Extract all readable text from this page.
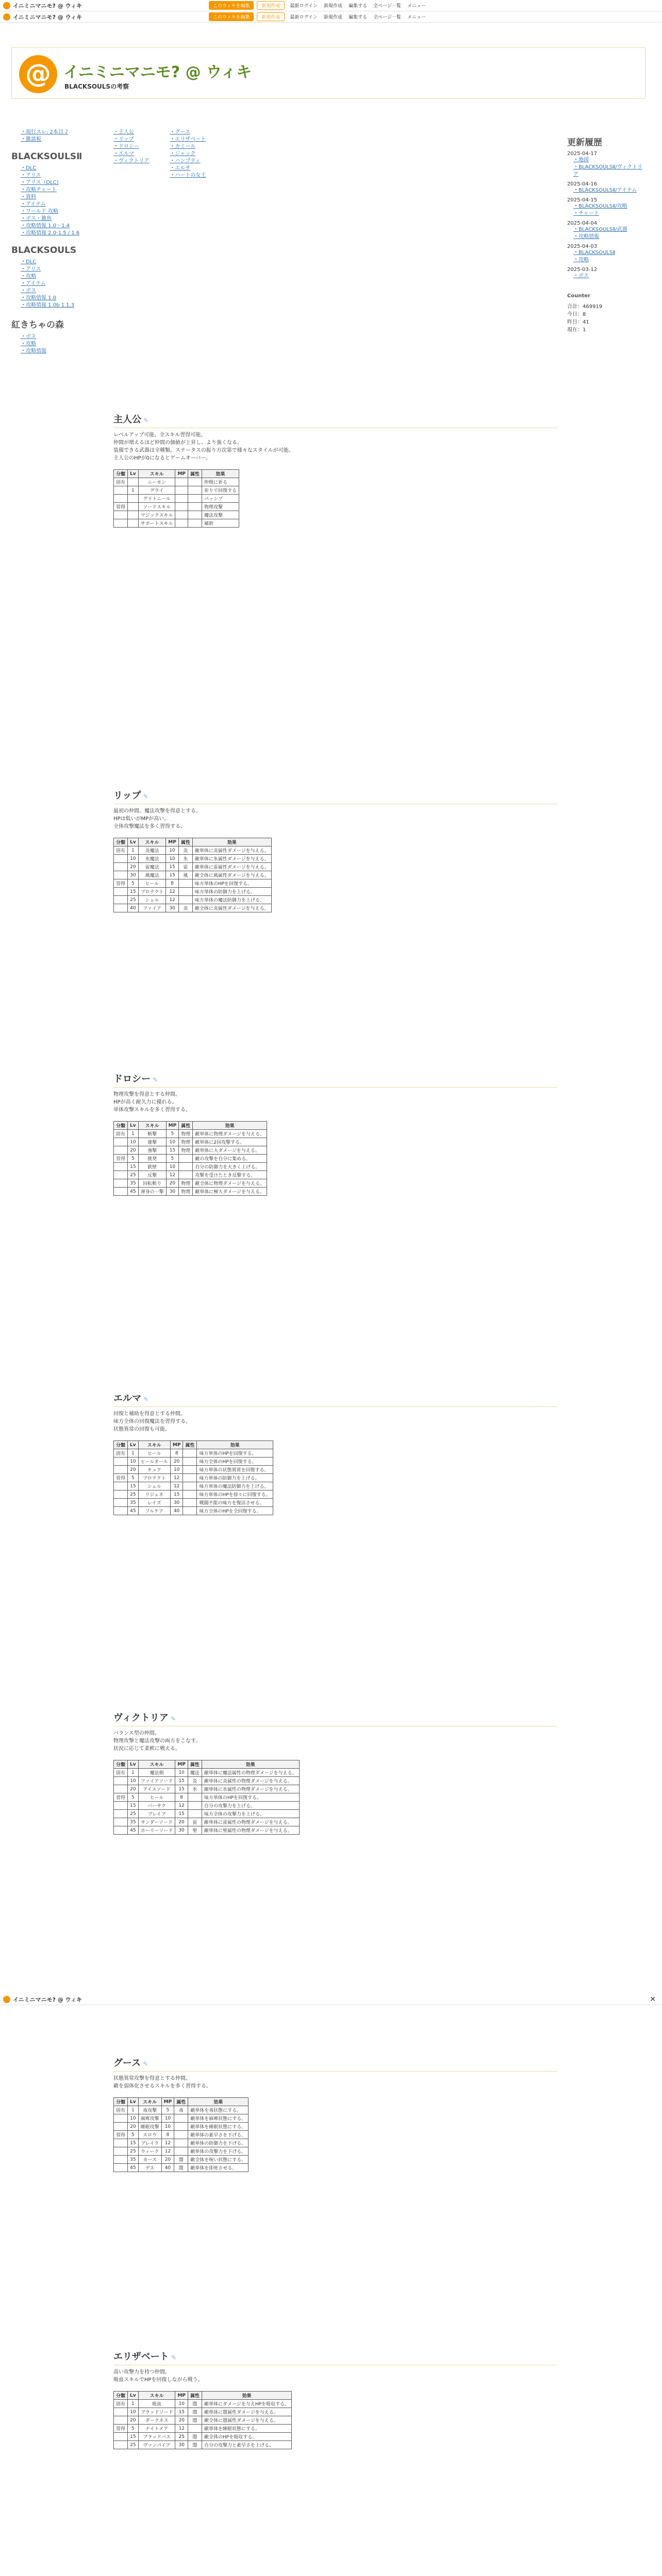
イニミニマニモ? @ ウィキ	このウィキを編集	新規作成	最新ログイン 新規作成 編集する 全ページ一覧 メニュー
イニミニマニモ? @ ウィキ	このウィキを編集	新規作成	最新ログイン 新規作成 編集する 全ページ一覧 メニュー
@ イニミニマニモ? @ ウィキ
BLACKSOULSの考察
・ 現行スレ: 2本目 ♪
・ 雑談板
BLACKSOULSⅡ
・ DLC
・ アリス
・ アリス（DLC)
・ 攻略チャート
・ 資料
・ アイテム
・ ワールド 攻略
・ ボス・雑魚
・ 攻略情報 1.0〜1.4
・ 攻略情報 2.0-1.5 / 1.6
BLACKSOULS
・ DLC
・ アリス
・ 攻略
・ アイテム
・ ボス
・ 攻略情報 1.0
・ 攻略情報 1.0b 1.1.3
紅きちゃの森
・ ボス
・ 攻略
・ 攻略情報
・ 主人公
・ リップ
・ ドロシー
・ エルマ
・ ヴィクトリア
・ グース
・ エリザベート
・ カミール
・ ジャック
・ ハンプティ
・ エルサ
・ ハートの女王
更新履歴
2025-04-17
・ 地図
・ BLACKSOULSⅡ/ヴィクトリア
2025-04-16
・ BLACKSOULSⅡ/アイテム
2025-04-15
・ BLACKSOULSⅡ/攻略
・ チャート
2025-04-04
・ BLACKSOULSⅡ/武器
・ 攻略情報
2025-04-03
・ BLACKSOULSⅡ
・ 攻略
2025-03-12
・ ボス
Counter
合計：469919
今日：8
昨日：41
現在：1
主人公 ✎

レベルアップ可能、全スキル習得可能。
仲間が増えるほど仲間の価値が上昇し、より強くなる。
装備できる武器は全種類。ステータスの振り方次第で様々なスタイルが可能。
主人公のHPが0になるとゲームオーバー。

分類	Lv	スキル	MP	属性	効果
固有		ニーモン			仲間に祈る
	1	グライ			祈りで回復する
		グリトニール			パッシブ
習得		ソードスキル			物理攻撃
		マジックスキル			魔法攻撃
		サポートスキル			補助
リップ ✎

最初の仲間。魔法攻撃を得意とする。
HPは低いがMPが高い。
全体攻撃魔法を多く習得する。

分類	Lv	スキル	MP	属性	効果
固有	1	炎魔法	10	炎	敵単体に炎属性ダメージを与える。
	10	氷魔法	10	氷	敵単体に氷属性ダメージを与える。
	20	雷魔法	15	雷	敵単体に雷属性ダメージを与える。
	30	風魔法	15	風	敵全体に風属性ダメージを与える。
習得	5	ヒール	8		味方単体のHPを回復する。
	15	プロテクト	12		味方単体の防御力を上げる。
	25	シェル	12		味方単体の魔法防御力を上げる。
	40	ファイア	30	炎	敵全体に炎属性ダメージを与える。
ドロシー ✎

物理攻撃を得意とする仲間。
HPが高く耐久力に優れる。
単体攻撃スキルを多く習得する。

分類	Lv	スキル	MP	属性	効果
固有	1	斬撃	5	物理	敵単体に物理ダメージを与える。
	10	連撃	10	物理	敵単体に2回攻撃する。
	20	強撃	15	物理	敵単体に大ダメージを与える。
習得	5	挑発	5		敵の攻撃を自分に集める。
	15	鉄壁	10		自分の防御力を大きく上げる。
	25	反撃	12		攻撃を受けたとき反撃する。
	35	回転斬り	20	物理	敵全体に物理ダメージを与える。
	45	渾身の一撃	30	物理	敵単体に極大ダメージを与える。
エルマ ✎

回復と補助を得意とする仲間。
味方全体の回復魔法を習得する。
状態異常の回復も可能。

分類	Lv	スキル	MP	属性	効果
固有	1	ヒール	8		味方単体のHPを回復する。
	10	ヒールオール	20		味方全体のHPを回復する。
	20	キュア	10		味方単体の状態異常を回復する。
習得	5	プロテクト	12		味方単体の防御力を上げる。
	15	シェル	12		味方単体の魔法防御力を上げる。
	25	リジェネ	15		味方単体のHPを徐々に回復する。
	35	レイズ	30		戦闘不能の味方を復活させる。
	45	フルケア	40		味方全体のHPを全回復する。
ヴィクトリア ✎

バランス型の仲間。
物理攻撃と魔法攻撃の両方をこなす。
状況に応じて柔軟に戦える。

分類	Lv	スキル	MP	属性	効果
固有	1	魔法剣	10	魔法	敵単体に魔法属性の物理ダメージを与える。
	10	ファイアソード	15	炎	敵単体に炎属性の物理ダメージを与える。
	20	アイスソード	15	氷	敵単体に氷属性の物理ダメージを与える。
習得	5	ヒール	8		味方単体のHPを回復する。
	15	バーサク	12		自分の攻撃力を上げる。
	25	ブレイブ	15		味方全体の攻撃力を上げる。
	35	サンダーソード	20	雷	敵単体に雷属性の物理ダメージを与える。
	45	ホーリーソード	30	聖	敵単体に聖属性の物理ダメージを与える。
グース ✎

状態異常攻撃を得意とする仲間。
敵を弱体化させるスキルを多く習得する。

分類	Lv	スキル	MP	属性	効果
固有	1	毒攻撃	5	毒	敵単体を毒状態にする。
	10	麻痺攻撃	10		敵単体を麻痺状態にする。
	20	睡眠攻撃	10		敵単体を睡眠状態にする。
習得	5	スロウ	8		敵単体の素早さを下げる。
	15	ブレイク	12		敵単体の防御力を下げる。
	25	ウィーク	12		敵単体の攻撃力を下げる。
	35	カース	20	闇	敵全体を呪い状態にする。
	45	デス	40	闇	敵単体を即死させる。
エリザベート ✎

高い攻撃力を持つ仲間。
吸血スキルでHPを回復しながら戦う。

分類	Lv	スキル	MP	属性	効果
固有	1	吸血	10	闇	敵単体にダメージを与えHPを吸収する。
	10	ブラッドソード	15	闇	敵単体に闇属性ダメージを与える。
	20	ダークネス	20	闇	敵全体に闇属性ダメージを与える。
習得	5	ナイトメア	12		敵単体を睡眠状態にする。
	15	ブラッドバス	25	闇	敵全体のHPを吸収する。
	25	ヴァンパイア	30	闇	自分の攻撃力と素早さを上げる。
イニミニマニモ? @ ウィキ	✕
